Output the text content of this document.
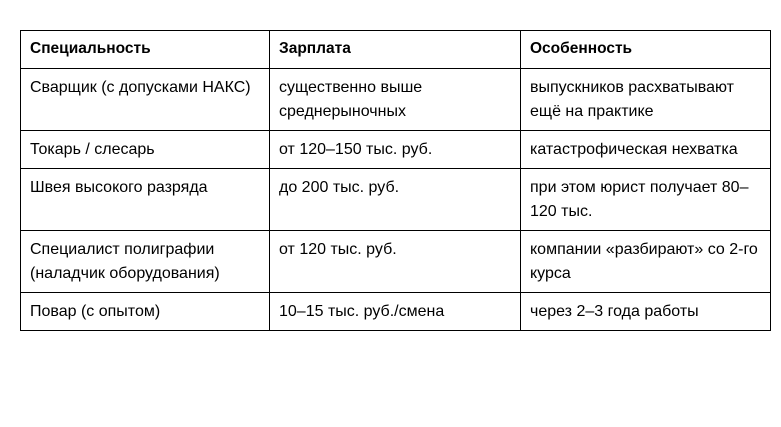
Специальность	Зарплата	Особенность
Сварщик (с допусками НАКС)	существенно выше среднерыночных	выпускников расхватывают ещё на практике
Токарь / слесарь	от 120–150 тыс. руб.	катастрофическая нехватка
Швея высокого разряда	до 200 тыс. руб.	при этом юрист получает 80–120 тыс.
Специалист полиграфии (наладчик оборудования)	от 120 тыс. руб.	компании «разбирают» со 2-го курса
Повар (с опытом)	10–15 тыс. руб./смена	через 2–3 года работы
